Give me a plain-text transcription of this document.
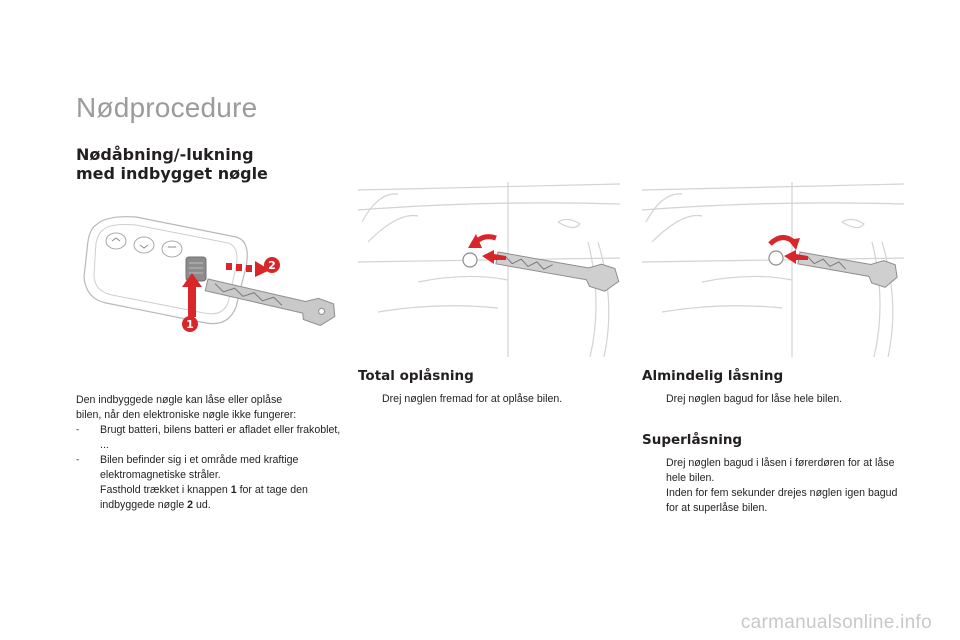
Nødprocedure
Nødåbning/-lukning
med indbygget nøgle
2
1

Den indbyggede nøgle kan låse eller oplåse

bilen, når den elektroniske nøgle ikke fungerer:

-	Brugt batteri, bilens batteri er afladet eller frakoblet, ...

-	Bilen befinder sig i et område med kraftige elektromagnetiske stråler.

Fasthold trækket i knappen 1 for at tage den indbyggede nøgle 2 ud.

Total oplåsning

Drej nøglen fremad for at oplåse bilen.

Almindelig låsning

Drej nøglen bagud for låse hele bilen.

Superlåsning

Drej nøglen bagud i låsen i førerdøren for at låse hele bilen.

Inden for fem sekunder drejes nøglen igen bagud for at superlåse bilen.

carmanualsonline.info
